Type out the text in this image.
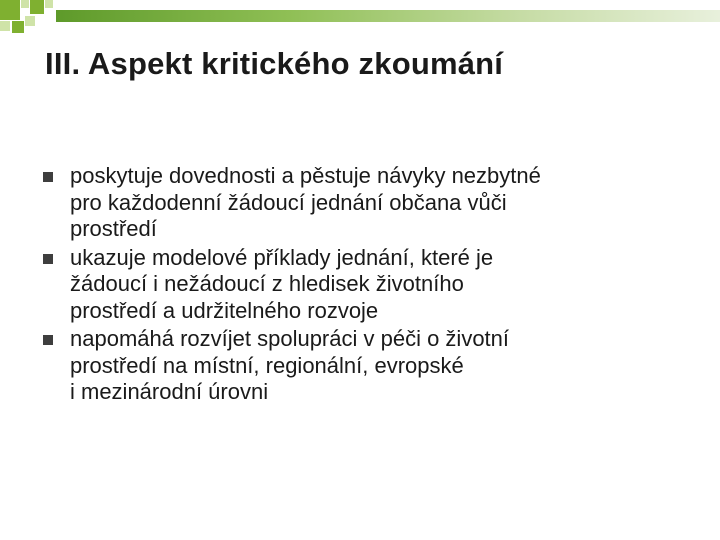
III. Aspekt kritického zkoumání
poskytuje dovednosti a pěstuje návyky nezbytné
pro každodenní žádoucí jednání občana vůči
prostředí
ukazuje modelové příklady jednání, které je
žádoucí i nežádoucí z hledisek životního
prostředí a udržitelného rozvoje
napomáhá rozvíjet spolupráci v péči o životní
prostředí na místní, regionální, evropské
i mezinárodní úrovni
